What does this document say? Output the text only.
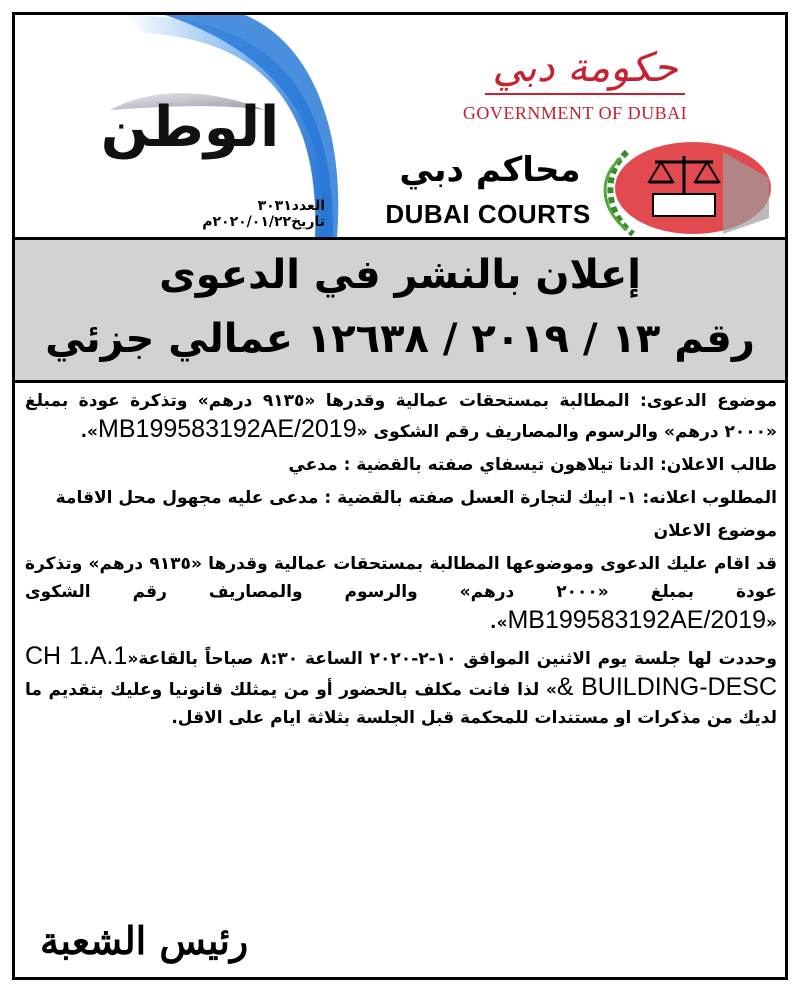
الوطن
العدد٣٠٣١ تاريخ٢٠٢٠/٠١/٢٢م
حكومة دبي
GOVERNMENT OF DUBAI
محاكم دبي
DUBAI COURTS
إعلان بالنشر في الدعوى
رقم ١٣ / ٢٠١٩ / ١٢٦٣٨ عمالي جزئي

موضوع الدعوى: المطالبة بمستحقات عمالية وقدرها «٩١٣٥ درهم» وتذكرة عودة بمبلغ «٢٠٠٠ درهم» والرسوم والمصاريف رقم الشكوى «MB199583192AE/2019».

طالب الاعلان: الدنا تيلاهون تيسفاي صفته بالقضية : مدعي

المطلوب اعلانه: ١- ابيك لتجارة العسل صفته بالقضية : مدعى عليه مجهول محل الاقامة

موضوع الاعلان

قد اقام عليك الدعوى وموضوعها المطالبة بمستحقات عمالية وقدرها «٩١٣٥ درهم» وتذكرة عودة بمبلغ «٢٠٠٠ درهم» والرسوم والمصاريف رقم الشكوى «MB199583192AE/2019».

وحددت لها جلسة يوم الاثنين الموافق ١٠-٢-٢٠٢٠ الساعة ٨:٣٠ صباحاً بالقاعة«CH 1.A.1 & BUILDING-DESC» لذا فانت مكلف بالحضور أو من يمثلك قانونيا وعليك بتقديم ما لديك من مذكرات او مستندات للمحكمة قبل الجلسة بثلاثة ايام على الاقل.

رئيس الشعبة
